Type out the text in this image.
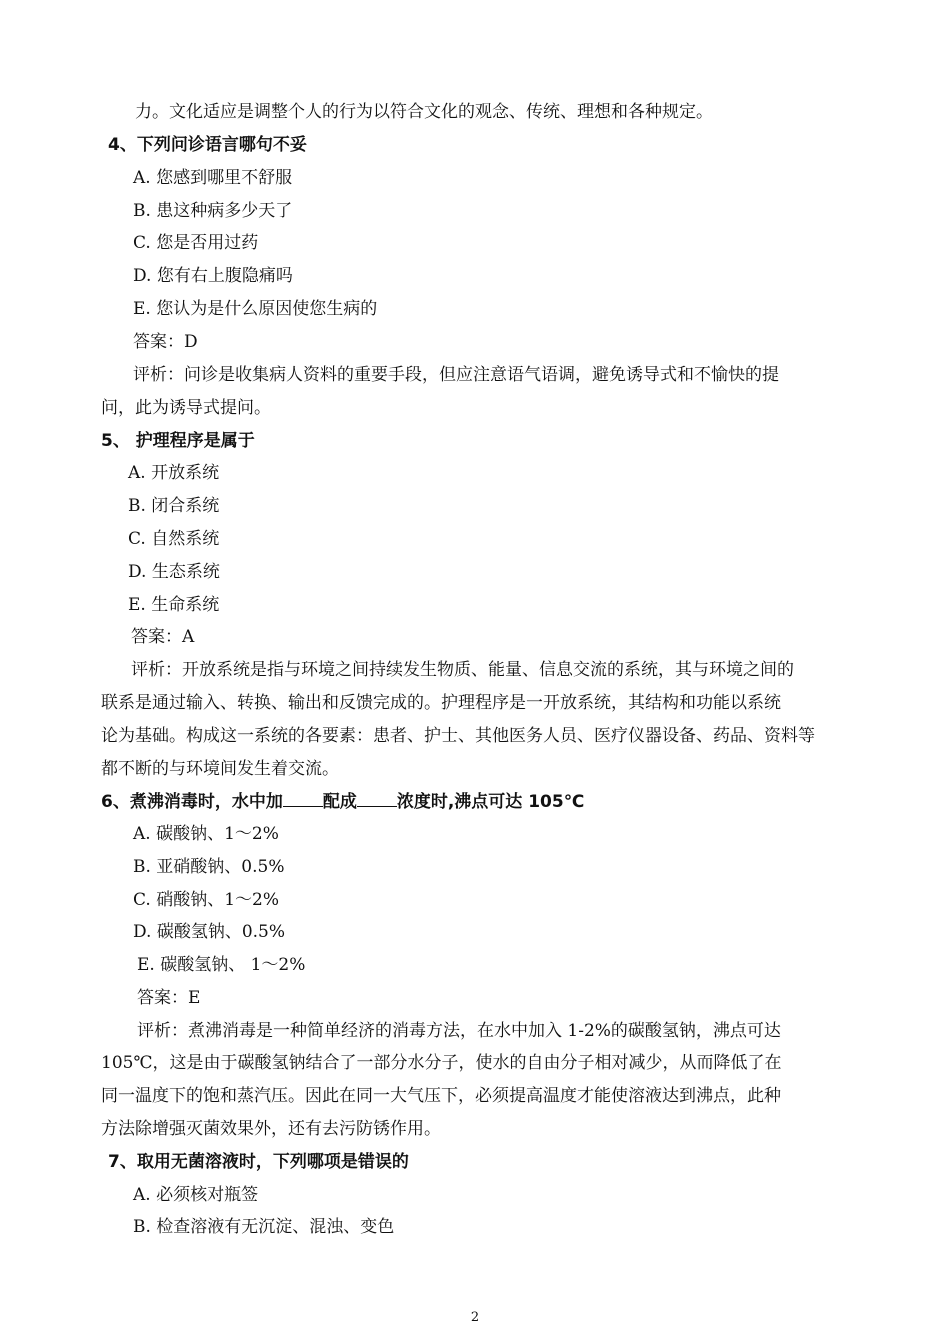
力。文化适应是调整个人的行为以符合文化的观念、传统、理想和各种规定。
4、下列问诊语言哪句不妥
A. 您感到哪里不舒服
B. 患这种病多少天了
C. 您是否用过药
D. 您有右上腹隐痛吗
E. 您认为是什么原因使您生病的
答案：D
评析：问诊是收集病人资料的重要手段，但应注意语气语调，避免诱导式和不愉快的提
问，此为诱导式提问。
5、 护理程序是属于
A. 开放系统
B. 闭合系统
C. 自然系统
D. 生态系统
E. 生命系统
答案：A
评析：开放系统是指与环境之间持续发生物质、能量、信息交流的系统，其与环境之间的
联系是通过输入、转换、输出和反馈完成的。护理程序是一开放系统，其结构和功能以系统
论为基础。构成这一系统的各要素：患者、护士、其他医务人员、医疗仪器设备、药品、资料等
都不断的与环境间发生着交流。
6、煮沸消毒时，水中加 配成 浓度时,沸点可达 105℃
A. 碳酸钠、1～2%
B. 亚硝酸钠、0.5%
C. 硝酸钠、1～2%
D. 碳酸氢钠、0.5%
E. 碳酸氢钠、 1～2%
答案：E
评析：煮沸消毒是一种简单经济的消毒方法，在水中加入 1-2%的碳酸氢钠，沸点可达
105℃，这是由于碳酸氢钠结合了一部分水分子，使水的自由分子相对减少，从而降低了在
同一温度下的饱和蒸汽压。因此在同一大气压下，必须提高温度才能使溶液达到沸点，此种
方法除增强灭菌效果外，还有去污防锈作用。
7、取用无菌溶液时，下列哪项是错误的
A. 必须核对瓶签
B. 检查溶液有无沉淀、混浊、变色
2
